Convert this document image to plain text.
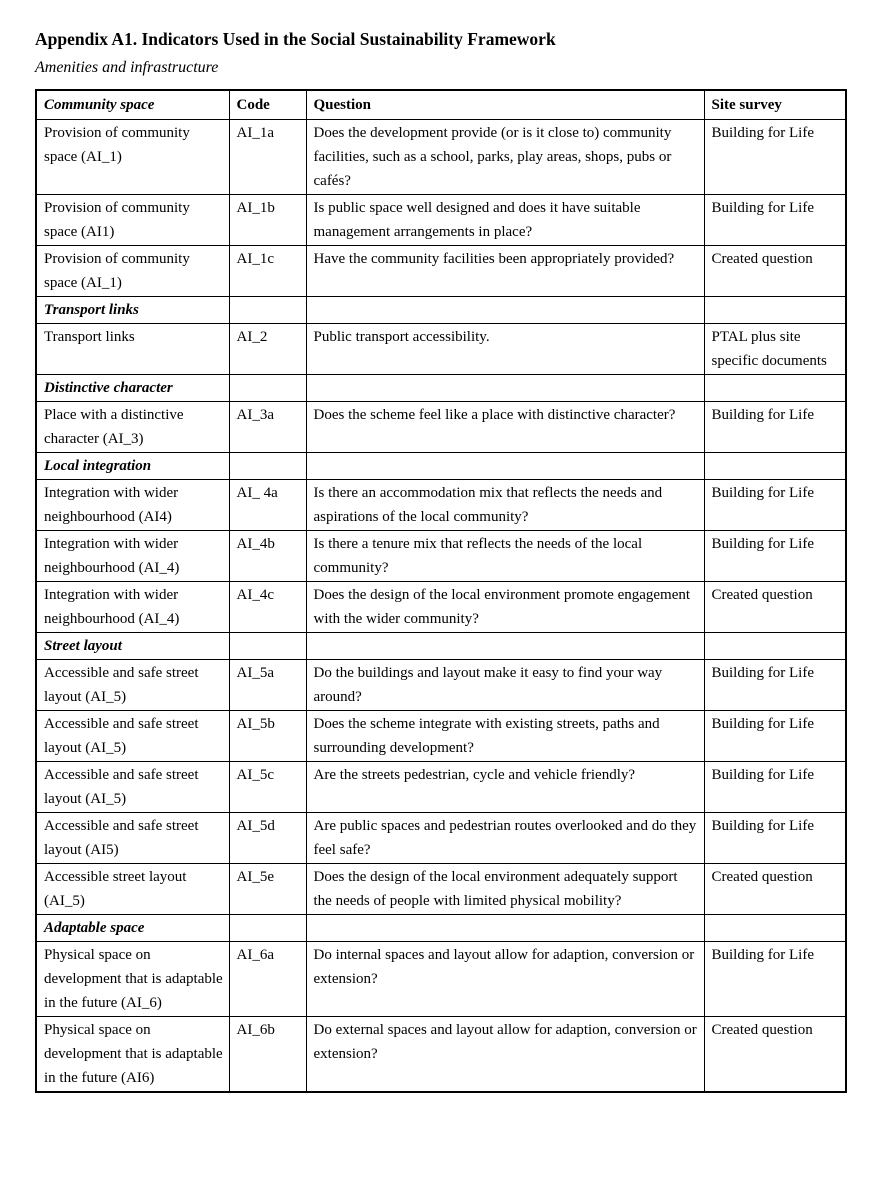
Appendix A1. Indicators Used in the Social Sustainability Framework
Amenities and infrastructure
Community space	Code	Question	Site survey
Provision of community space (AI_1)	AI_1a	Does the development provide (or is it close to) community facilities, such as a school, parks, play areas, shops, pubs or cafés?	Building for Life
Provision of community space (AI1)	AI_1b	Is public space well designed and does it have suitable management arrangements in place?	Building for Life
Provision of community space (AI_1)	AI_1c	Have the community facilities been appropriately provided?	Created question
Transport links			
Transport links	AI_2	Public transport accessibility.	PTAL plus site specific documents
Distinctive character			
Place with a distinctive character (AI_3)	AI_3a	Does the scheme feel like a place with distinctive character?	Building for Life
Local integration			
Integration with wider neighbourhood (AI4)	AI_ 4a	Is there an accommodation mix that reflects the needs and aspirations of the local community?	Building for Life
Integration with wider neighbourhood (AI_4)	AI_4b	Is there a tenure mix that reflects the needs of the local community?	Building for Life
Integration with wider neighbourhood (AI_4)	AI_4c	Does the design of the local environment promote engagement with the wider community?	Created question
Street layout			
Accessible and safe street layout (AI_5)	AI_5a	Do the buildings and layout make it easy to find your way around?	Building for Life
Accessible and safe street layout (AI_5)	AI_5b	Does the scheme integrate with existing streets, paths and surrounding development?	Building for Life
Accessible and safe street layout (AI_5)	AI_5c	Are the streets pedestrian, cycle and vehicle friendly?	Building for Life
Accessible and safe street layout (AI5)	AI_5d	Are public spaces and pedestrian routes overlooked and do they feel safe?	Building for Life
Accessible street layout (AI_5)	AI_5e	Does the design of the local environment adequately support the needs of people with limited physical mobility?	Created question
Adaptable space			
Physical space on development that is adaptable in the future (AI_6)	AI_6a	Do internal spaces and layout allow for adaption, conversion or extension?	Building for Life
Physical space on development that is adaptable in the future (AI6)	AI_6b	Do external spaces and layout allow for adaption, conversion or extension?	Created question
